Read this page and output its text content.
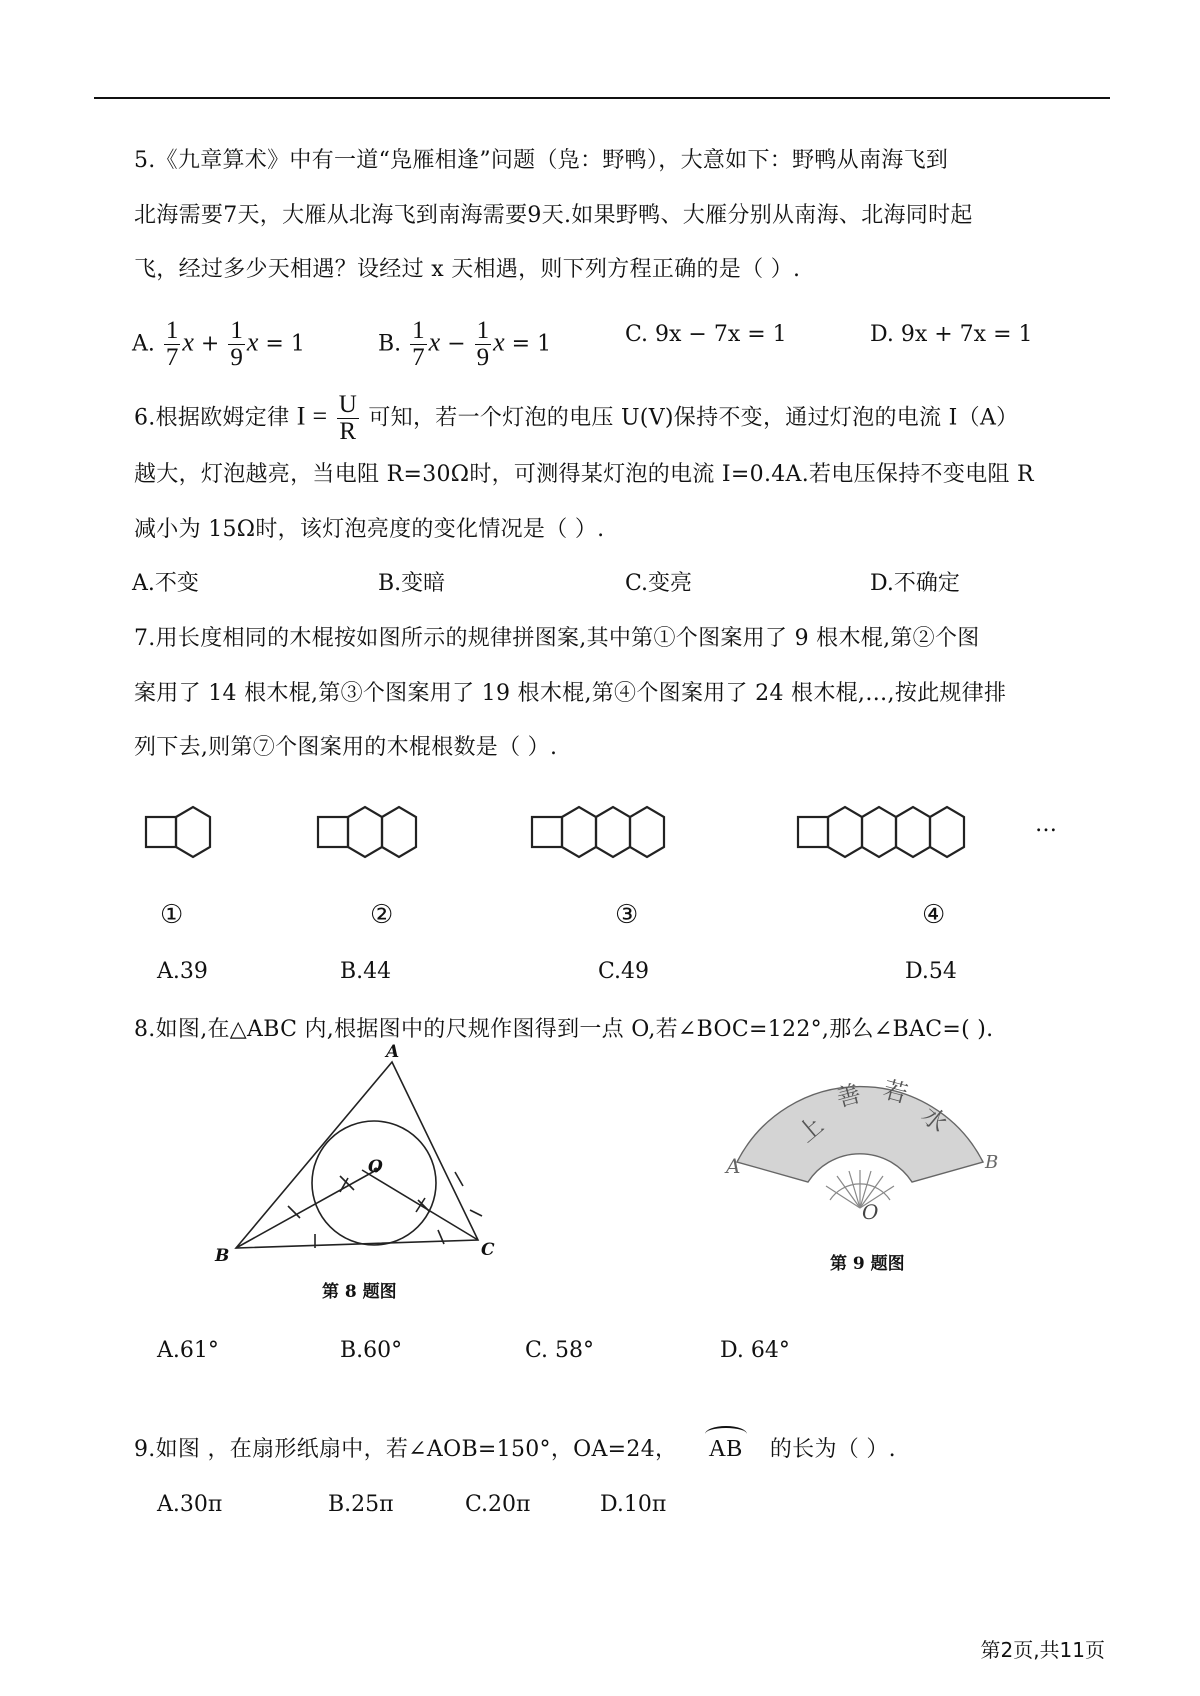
5.《九章算术》中有一道“凫雁相逢”问题（凫：野鸭），大意如下：野鸭从南海飞到
北海需要7天，大雁从北海飞到南海需要9天.如果野鸭、大雁分别从南海、北海同时起
飞，经过多少天相遇？设经过 x 天相遇，则下列方程正确的是（ ）.
A. $\frac{1}{7}$ $x + \frac{1}{9}$ x = 1	B. $\frac{1}{7}$ $x - \frac{1}{9}$ x = 1	C. 9x − 7x = 1	D. 9x + 7x = 1
6.根据欧姆定律 $I = \frac{U}{R}$ 可知，若一个灯泡的电压 U(V)保持不变，通过灯泡的电流 I（A）
越大，灯泡越亮，当电阻 R=30Ω时，可测得某灯泡的电流 I=0.4A.若电压保持不变电阻 R
减小为 15Ω时，该灯泡亮度的变化情况是（ ）.
A.不变	B.变暗	C.变亮	D.不确定
7.用长度相同的木棍按如图所示的规律拼图案,其中第①个图案用了 9 根木棍,第②个图
案用了 14 根木棍,第③个图案用了 19 根木棍,第④个图案用了 24 根木棍,…,按此规律排
列下去,则第⑦个图案用的木棍根数是（ ）.
…
①	②	③	④
A.39	B.44	C.49	D.54
8.如图,在△ABC 内,根据图中的尺规作图得到一点 O,若∠BOC=122°,那么∠BAC=( ).
A
B	C
O
第 8 题图
上
善 若
水
A	B
O
第 9 题图
A.61°	B.60°	C. 58°	D. 64°
9.如图 ，在扇形纸扇中，若∠AOB=150°，OA=24， AB 的长为（ ）.
A.30π	B.25π	C.20π	D.10π
第2页,共11页
